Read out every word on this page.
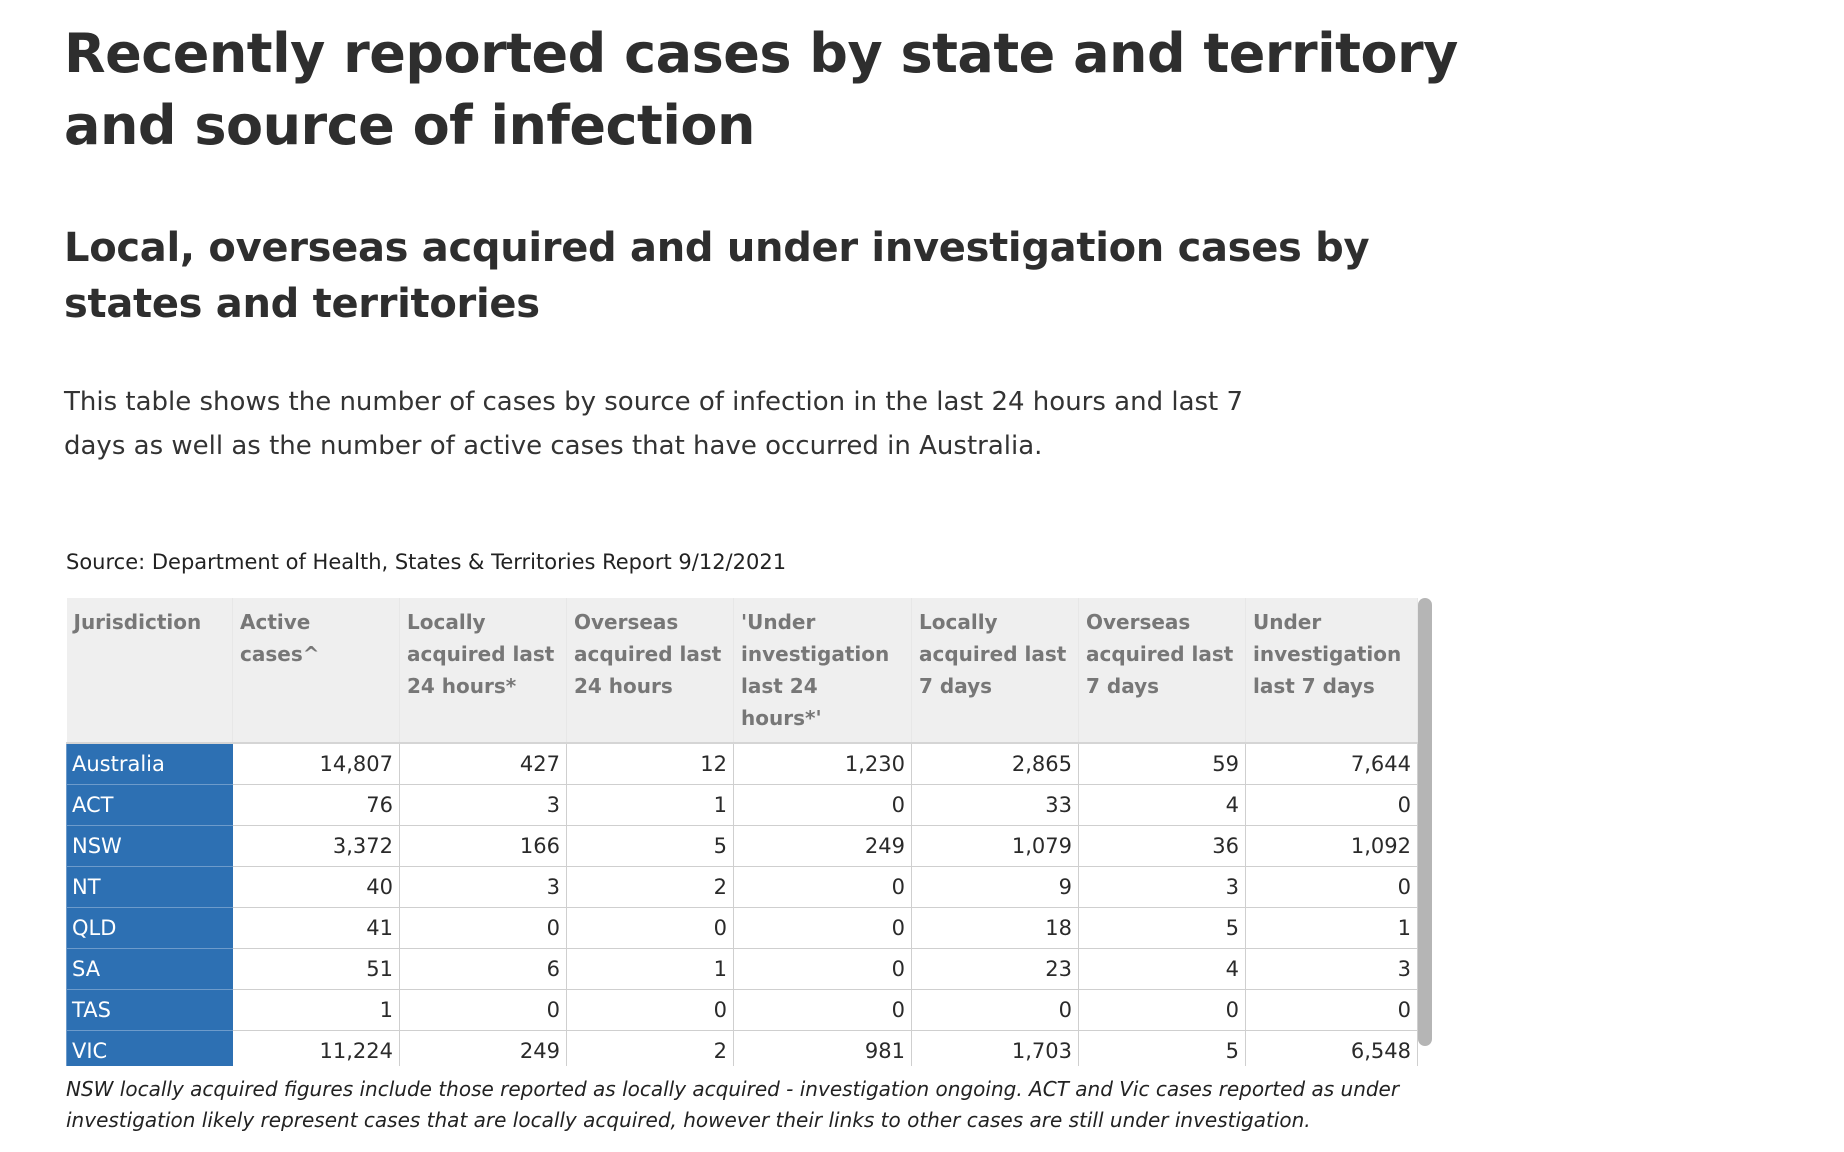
Recently reported cases by state and territory and source of infection
Local, overseas acquired and under investigation cases by states and territories

This table shows the number of cases by source of infection in the last 24 hours and last 7 days as well as the number of active cases that have occurred in Australia.

Source: Department of Health, States & Territories Report 9/12/2021
Jurisdiction	Active cases^	Locally acquired last 24 hours*	Overseas acquired last 24 hours	'Under investigation last 24 hours*'	Locally acquired last 7 days	Overseas acquired last 7 days	Under investigation last 7 days
Australia	14,807	427	12	1,230	2,865	59	7,644
ACT	76	3	1	0	33	4	0
NSW	3,372	166	5	249	1,079	36	1,092
NT	40	3	2	0	9	3	0
QLD	41	0	0	0	18	5	1
SA	51	6	1	0	23	4	3
TAS	1	0	0	0	0	0	0
VIC	11,224	249	2	981	1,703	5	6,548

NSW locally acquired figures include those reported as locally acquired - investigation ongoing. ACT and Vic cases reported as under investigation likely represent cases that are locally acquired, however their links to other cases are still under investigation.
